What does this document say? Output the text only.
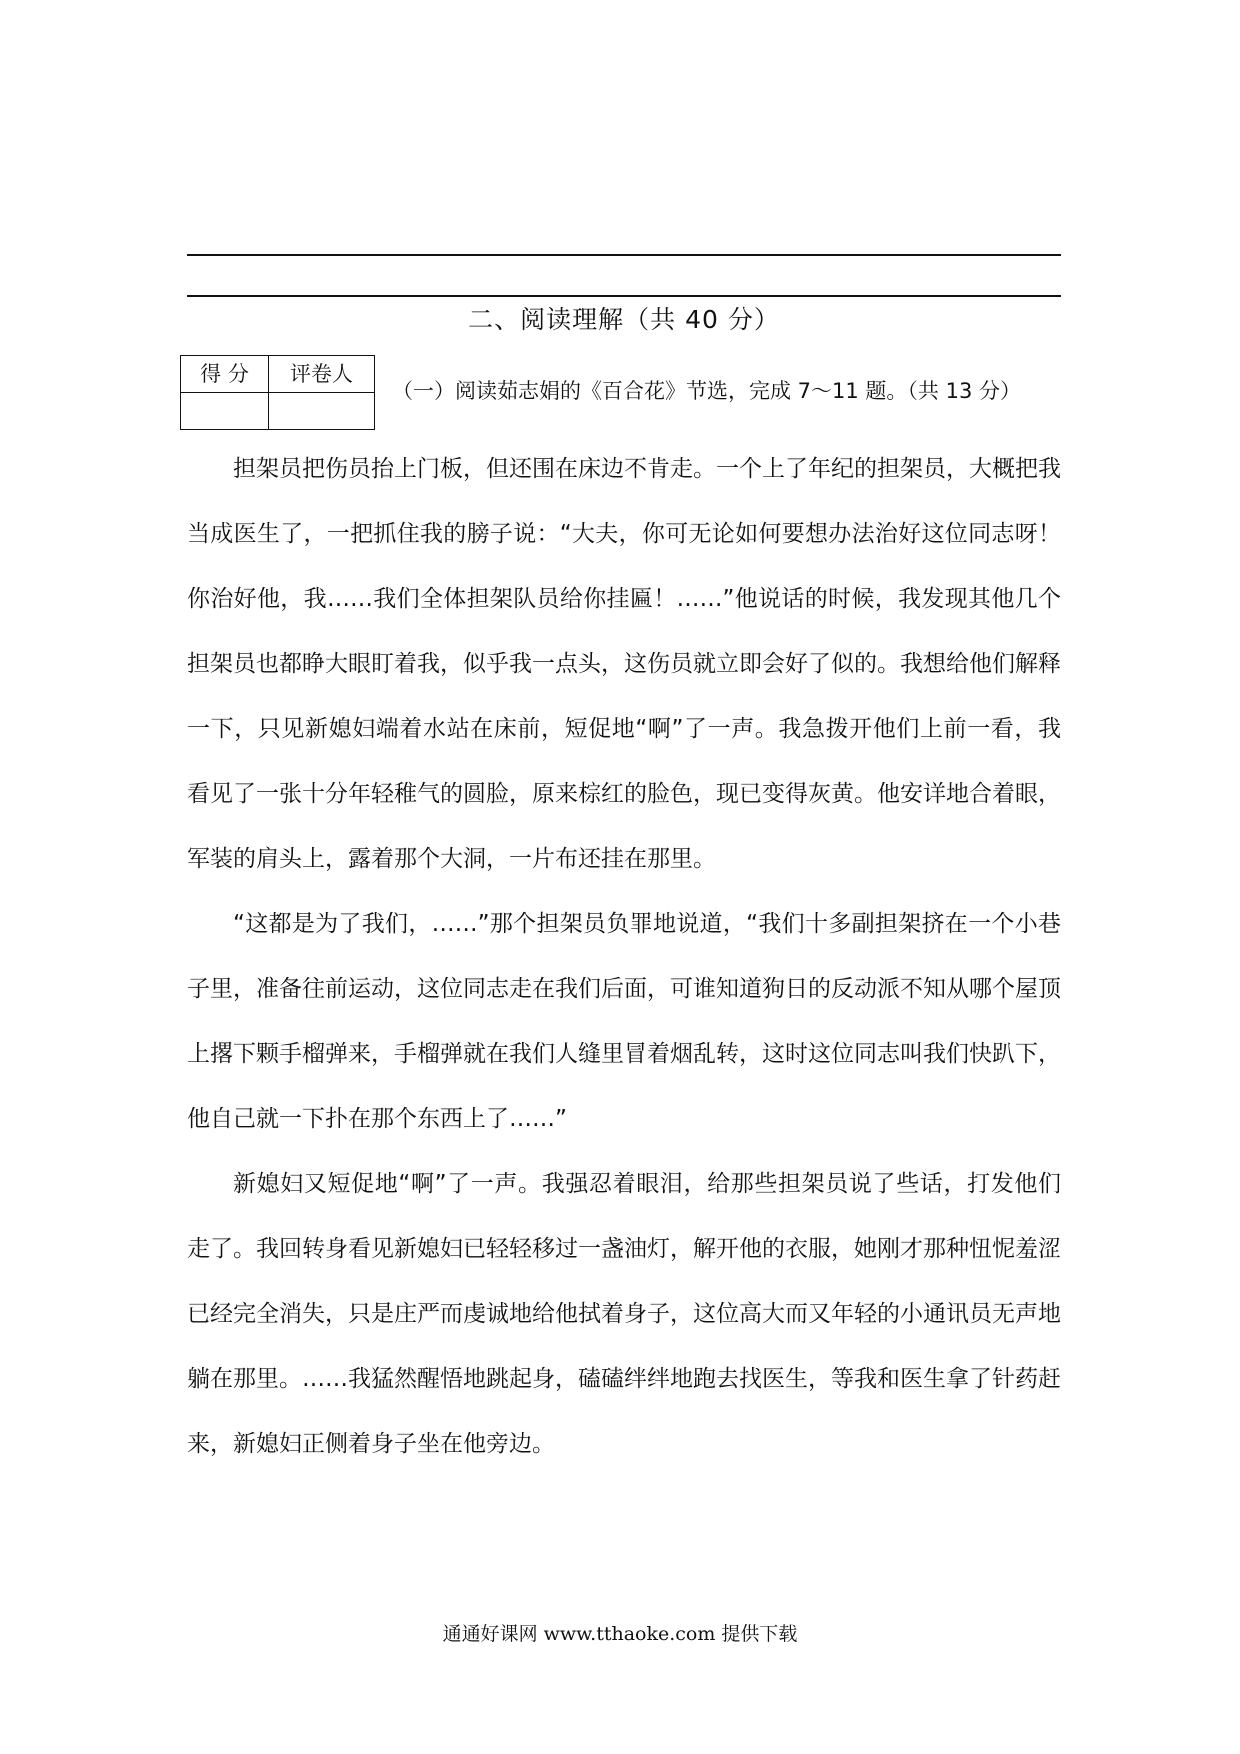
二、阅读理解（共 40 分）
得 分	评卷人

（一）阅读茹志娟的《百合花》节选，完成 7～11 题。（共 13 分）

担架员把伤员抬上门板，但还围在床边不肯走。一个上了年纪的担架员，大概把我当成医生了，一把抓住我的膀子说：“大夫，你可无论如何要想办法治好这位同志呀！你治好他，我……我们全体担架队员给你挂匾！……”他说话的时候，我发现其他几个担架员也都睁大眼盯着我，似乎我一点头，这伤员就立即会好了似的。我想给他们解释一下，只见新媳妇端着水站在床前，短促地“啊”了一声。我急拨开他们上前一看，我看见了一张十分年轻稚气的圆脸，原来棕红的脸色，现已变得灰黄。他安详地合着眼，军装的肩头上，露着那个大洞，一片布还挂在那里。

“这都是为了我们，……”那个担架员负罪地说道，“我们十多副担架挤在一个小巷子里，准备往前运动，这位同志走在我们后面，可谁知道狗日的反动派不知从哪个屋顶上撂下颗手榴弹来，手榴弹就在我们人缝里冒着烟乱转，这时这位同志叫我们快趴下，他自己就一下扑在那个东西上了……”

新媳妇又短促地“啊”了一声。我强忍着眼泪，给那些担架员说了些话，打发他们走了。我回转身看见新媳妇已轻轻移过一盏油灯，解开他的衣服，她刚才那种忸怩羞涩已经完全消失，只是庄严而虔诚地给他拭着身子，这位高大而又年轻的小通讯员无声地躺在那里。……我猛然醒悟地跳起身，磕磕绊绊地跑去找医生，等我和医生拿了针药赶来，新媳妇正侧着身子坐在他旁边。

通通好课网 www.tthaoke.com 提供下载
